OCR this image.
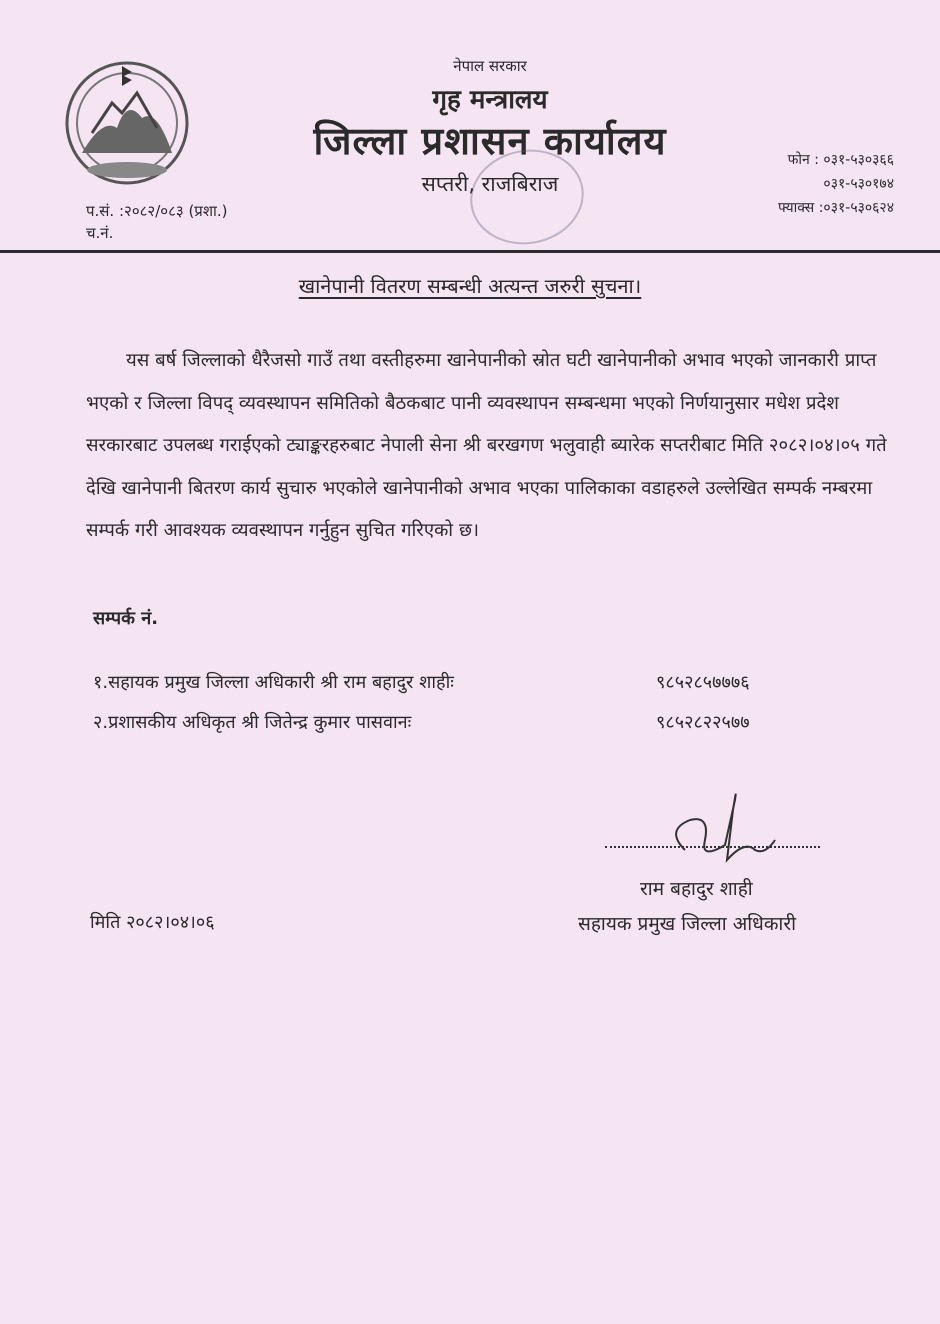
नेपाल सरकार
गृह मन्त्रालय
जिल्ला प्रशासन कार्यालय
सप्तरी, राजबिराज
फोन : ०३१-५३०३६६
०३१-५३०१७४
फ्याक्स :०३१-५३०६२४
प.सं. :२०८२/०८३ (प्रशा.)
च.नं.
खानेपानी वितरण सम्बन्धी अत्यन्त जरुरी सुचना।
यस बर्ष जिल्लाको धैरैजसो गाउँ तथा वस्तीहरुमा खानेपानीको स्रोत घटी खानेपानीको अभाव भएको जानकारी प्राप्त भएको र जिल्ला विपद् व्यवस्थापन समितिको बैठकबाट पानी व्यवस्थापन सम्बन्धमा भएको निर्णयानुसार मधेश प्रदेश सरकारबाट उपलब्ध गराईएको ट्याङ्करहरुबाट नेपाली सेना श्री बरखगण भलुवाही ब्यारेक सप्तरीबाट मिति २०८२।०४।०५ गते देखि खानेपानी बितरण कार्य सुचारु भएकोले खानेपानीको अभाव भएका पालिकाका वडाहरुले उल्लेखित सम्पर्क नम्बरमा सम्पर्क गरी आवश्यक व्यवस्थापन गर्नुहुन सुचित गरिएको छ।
सम्पर्क नं.
१.सहायक प्रमुख जिल्ला अधिकारी श्री राम बहादुर शाहीः	९८५२८५७७७६
२.प्रशासकीय अधिकृत श्री जितेन्द्र कुमार पासवानः	९८५२८२२५७७
राम बहादुर शाही
सहायक प्रमुख जिल्ला अधिकारी
मिति २०८२।०४।०६
